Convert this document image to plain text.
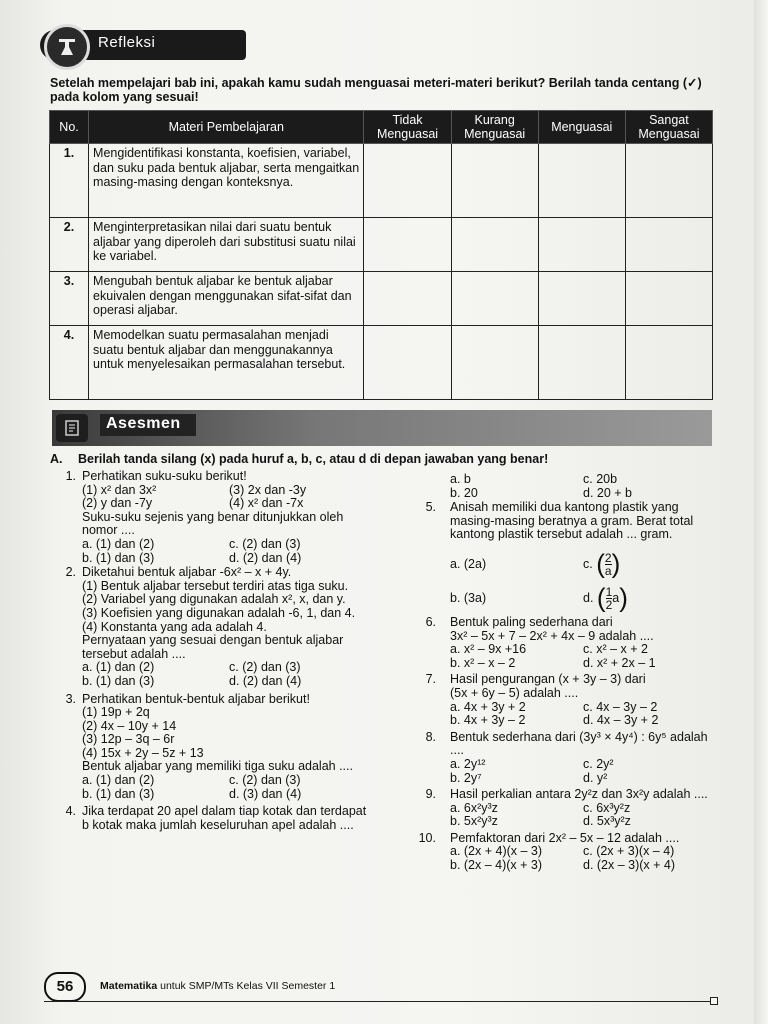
Refleksi
Setelah mempelajari bab ini, apakah kamu sudah menguasai meteri-materi berikut? Berilah tanda centang (✓) pada kolom yang sesuai!
No.	Materi Pembelajaran	Tidak Menguasai	Kurang Menguasai	Menguasai	Sangat Menguasai
1.	Mengidentifikasi konstanta, koefisien, variabel, dan suku pada bentuk aljabar, serta mengaitkan masing-masing dengan konteksnya.				
2.	Menginterpretasikan nilai dari suatu bentuk aljabar yang diperoleh dari substitusi suatu nilai ke variabel.				
3.	Mengubah bentuk aljabar ke bentuk aljabar ekuivalen dengan menggunakan sifat-sifat dan operasi aljabar.				
4.	Memodelkan suatu permasalahan menjadi suatu bentuk aljabar dan menggunakannya untuk menyelesaikan permasalahan tersebut.				
Asesmen
A. Berilah tanda silang (x) pada huruf a, b, c, atau d di depan jawaban yang benar!
1. Perhatikan suku-suku berikut!
(1) x² dan 3x²	(3) 2x dan -3y
(2) y dan -7y	(4) x² dan -7x
Suku-suku sejenis yang benar ditunjukkan oleh nomor ....
a. (1) dan (2)	c. (2) dan (3)
b. (1) dan (3)	d. (2) dan (4)
2. Diketahui bentuk aljabar -6x² – x + 4y.
(1) Bentuk aljabar tersebut terdiri atas tiga suku.
(2) Variabel yang digunakan adalah x², x, dan y.
(3) Koefisien yang digunakan adalah -6, 1, dan 4.
(4) Konstanta yang ada adalah 4.
Pernyataan yang sesuai dengan bentuk aljabar tersebut adalah ....
a. (1) dan (2)	c. (2) dan (3)
b. (1) dan (3)	d. (2) dan (4)
3. Perhatikan bentuk-bentuk aljabar berikut!
(1) 19p + 2q
(2) 4x – 10y + 14
(3) 12p – 3q – 6r
(4) 15x + 2y – 5z + 13
Bentuk aljabar yang memiliki tiga suku adalah ....
a. (1) dan (2)	c. (2) dan (3)
b. (1) dan (3)	d. (3) dan (4)
4. Jika terdapat 20 apel dalam tiap kotak dan terdapat b kotak maka jumlah keseluruhan apel adalah ....
a. b	c. 20b
b. 20	d. 20 + b
5. Anisah memiliki dua kantong plastik yang masing-masing beratnya a gram. Berat total kantong plastik tersebut adalah ... gram.
a. (2a)	c. ( $\frac{2}{a}$ )
b. (3a)	d. ( $\frac{1}{2} a$)
6. Bentuk paling sederhana dari
3x² – 5x + 7 – 2x² + 4x – 9 adalah ....
a. x² – 9x +16	c. x² – x + 2
b. x² – x – 2	d. x² + 2x – 1
7. Hasil pengurangan (x + 3y – 3) dari
(5x + 6y – 5) adalah ....
a. 4x + 3y + 2	c. 4x – 3y – 2
b. 4x + 3y – 2	d. 4x – 3y + 2
8. Bentuk sederhana dari (3y³ × 4y⁴) : 6y⁵ adalah ....
a. 2y¹²	c. 2y²
b. 2y⁷	d. y²
9. Hasil perkalian antara 2y²z dan 3x²y adalah ....
a. 6x²y³z	c. 6x³y²z
b. 5x²y³z	d. 5x³y²z
10. Pemfaktoran dari 2x² – 5x – 12 adalah ....
a. (2x + 4)(x – 3)	c. (2x + 3)(x – 4)
b. (2x – 4)(x + 3)	d. (2x – 3)(x + 4)
56	Matematika untuk SMP/MTs Kelas VII Semester 1
